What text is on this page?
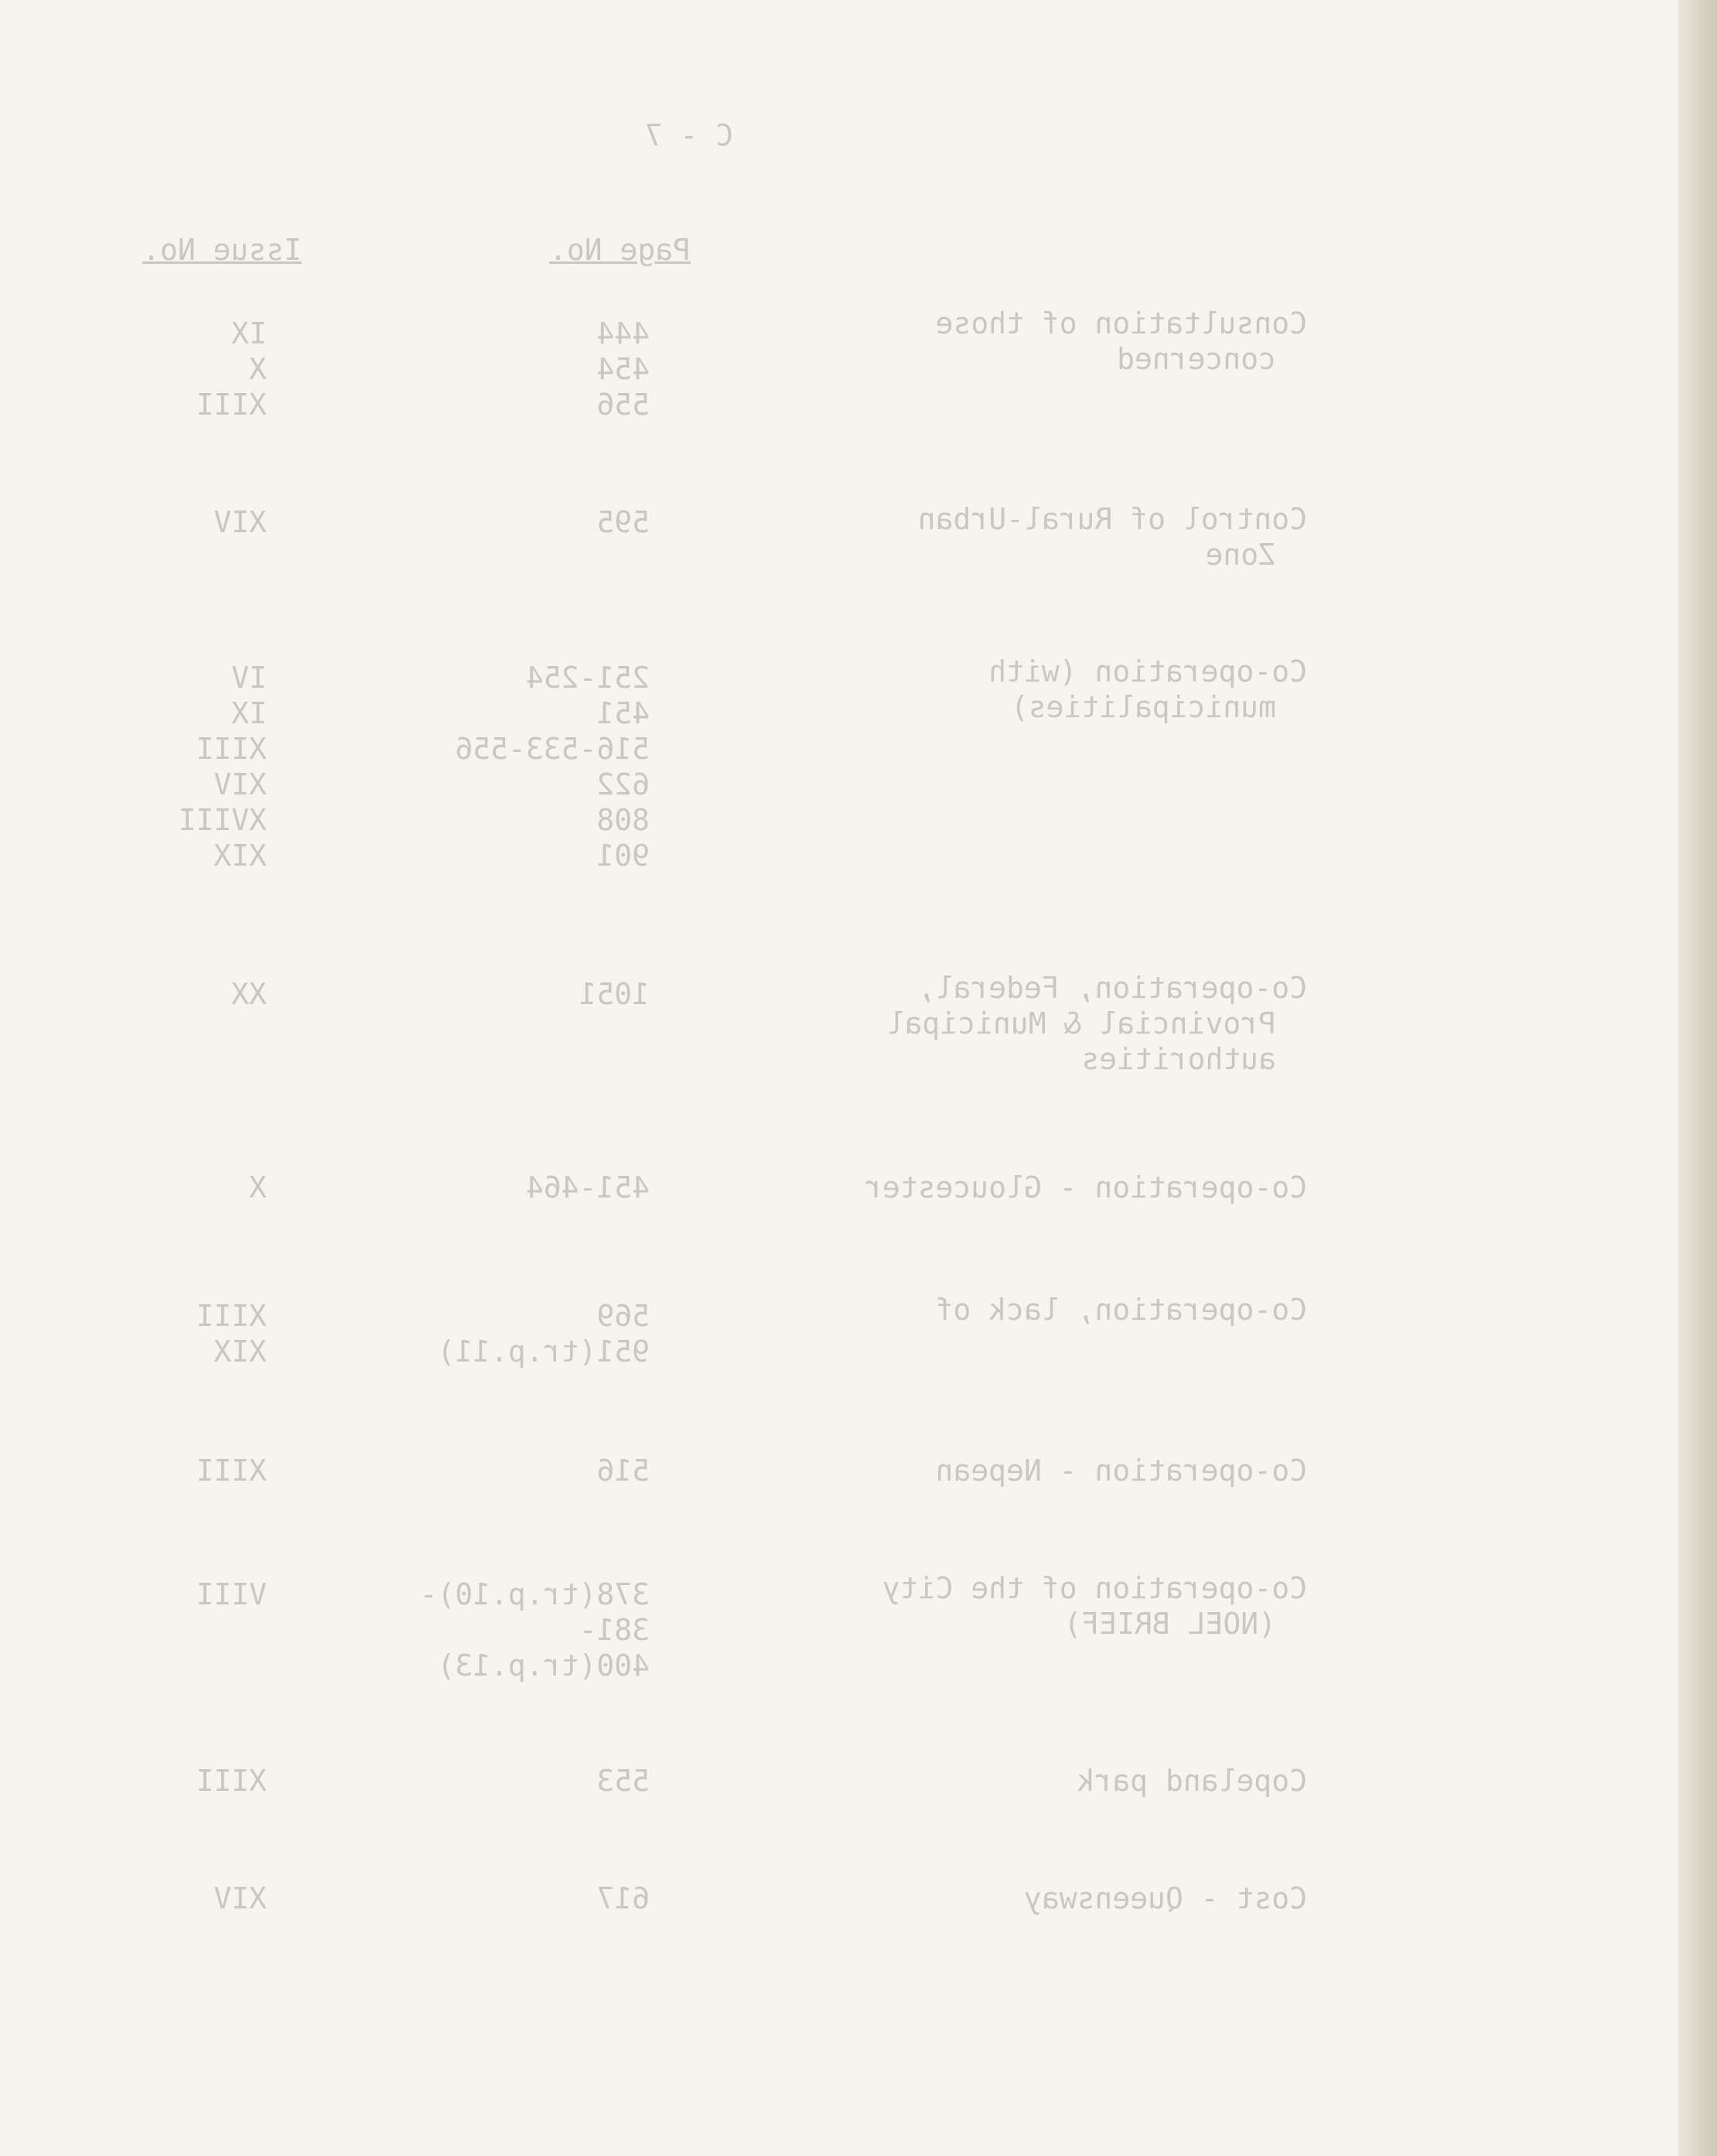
C - 7
Page No.
Issue No.
Consultation of those
concerned
444
454
556
IX
X
XIII
Control of Rural-Urban
Zone
595
XIV
Co-operation (with
municipalities)
251-254
451
516-533-556
622
808
901
IV
IX
XIII
XIV
XVIII
XIX
Co-operation, Federal,
Provincial & Municipal
authorities
1051
XX
Co-operation - Gloucester
451-464
X
Co-operation, lack of
569
951(tr.p.11)
XIII
XIX
Co-operation - Nepean
516
XIII
Co-operation of the City
(NOEL BRIEF)
378(tr.p.10)-
381-
400(tr.p.13)
VIII
Copeland park
553
XIII
Cost - Queensway
617
XIV
